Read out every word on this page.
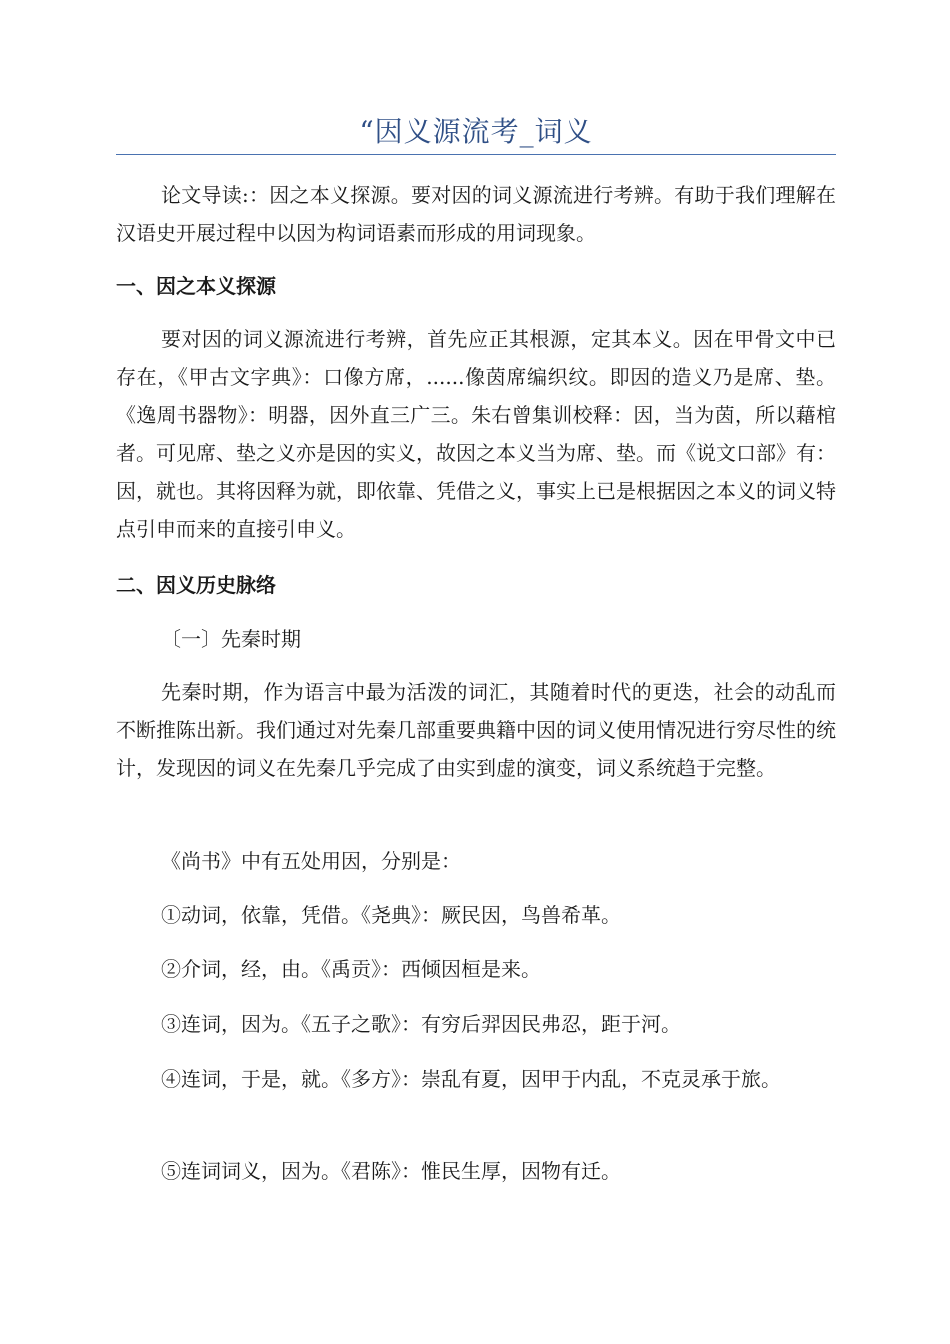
“因义源流考_词义

论文导读:：因之本义探源。要对因的词义源流进行考辨。有助于我们理解在汉语史开展过程中以因为构词语素而形成的用词现象。

一、因之本义探源

要对因的词义源流进行考辨，首先应正其根源，定其本义。因在甲骨文中已存在，《甲古文字典》：口像方席，......像茵席编织纹。即因的造义乃是席、垫。《逸周书器物》：明器，因外直三广三。朱右曾集训校释：因，当为茵，所以藉棺者。可见席、垫之义亦是因的实义，故因之本义当为席、垫。而《说文口部》有：因，就也。其将因释为就，即依靠、凭借之义，事实上已是根据因之本义的词义特点引申而来的直接引申义。

二、因义历史脉络

〔一〕先秦时期

先秦时期，作为语言中最为活泼的词汇，其随着时代的更迭，社会的动乱而不断推陈出新。我们通过对先秦几部重要典籍中因的词义使用情况进行穷尽性的统计，发现因的词义在先秦几乎完成了由实到虚的演变，词义系统趋于完整。

《尚书》中有五处用因，分别是：

①动词，依靠，凭借。《尧典》：厥民因，鸟兽希革。

②介词，经，由。《禹贡》：西倾因桓是来。

③连词，因为。《五子之歌》：有穷后羿因民弗忍，距于河。

④连词，于是，就。《多方》：崇乱有夏，因甲于内乱，不克灵承于旅。

⑤连词词义，因为。《君陈》：惟民生厚，因物有迁。
